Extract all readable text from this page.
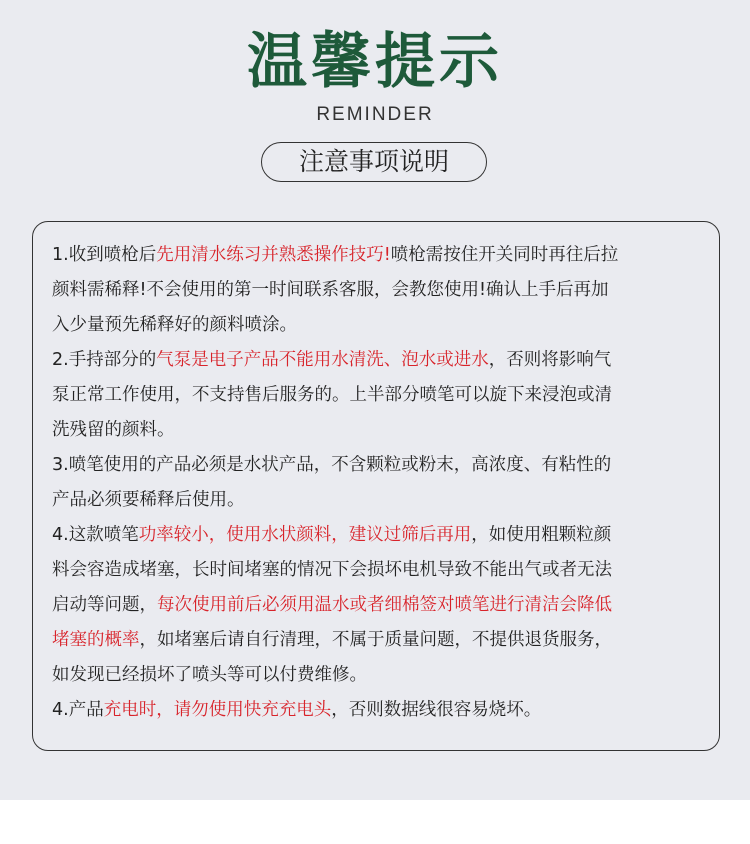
温馨提示
REMINDER
注意事项说明
1.收到喷枪后先用清水练习并熟悉操作技巧!喷枪需按住开关同时再往后拉
颜料需稀释!不会使用的第一时间联系客服，会教您使用!确认上手后再加
入少量预先稀释好的颜料喷涂。
2.手持部分的气泵是电子产品不能用水清洗、泡水或进水，否则将影响气
泵正常工作使用，不支持售后服务的。上半部分喷笔可以旋下来浸泡或清
洗残留的颜料。
3.喷笔使用的产品必须是水状产品，不含颗粒或粉末，高浓度、有粘性的
产品必须要稀释后使用。
4.这款喷笔功率较小，使用水状颜料，建议过筛后再用，如使用粗颗粒颜
料会容造成堵塞，长时间堵塞的情况下会损坏电机导致不能出气或者无法
启动等问题，每次使用前后必须用温水或者细棉签对喷笔进行清洁会降低
堵塞的概率，如堵塞后请自行清理，不属于质量问题，不提供退货服务，
如发现已经损坏了喷头等可以付费维修。
4.产品充电时，请勿使用快充充电头，否则数据线很容易烧坏。
